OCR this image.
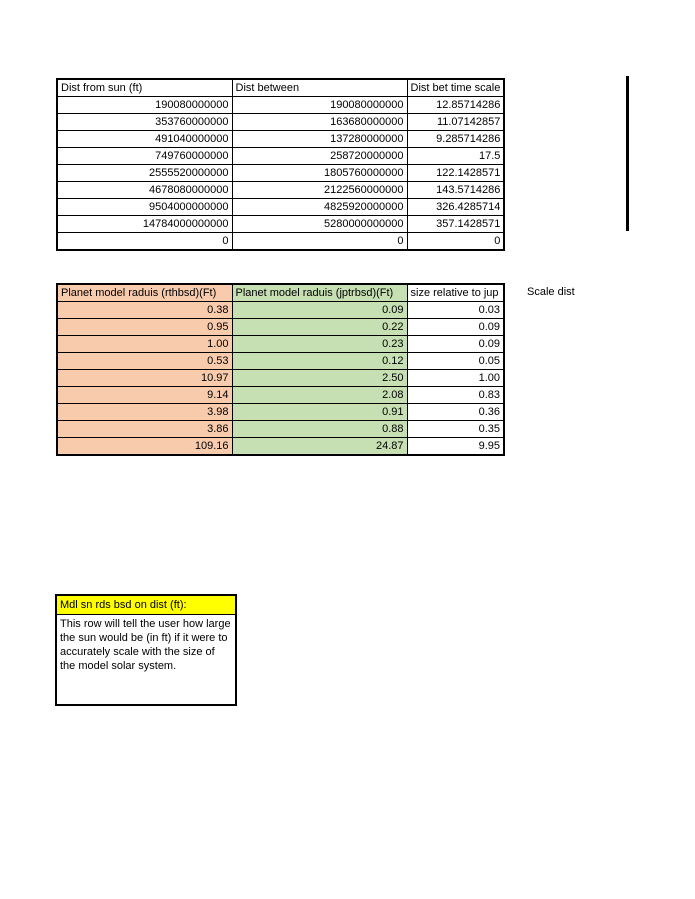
Dist from sun (ft)	Dist between	Dist bet time scale
190080000000	190080000000	12.85714286
353760000000	163680000000	11.07142857
491040000000	137280000000	9.285714286
749760000000	258720000000	17.5
2555520000000	1805760000000	122.1428571
4678080000000	2122560000000	143.5714286
9504000000000	4825920000000	326.4285714
14784000000000	5280000000000	357.1428571
0	0	0
Planet model raduis (rthbsd)(Ft)	Planet model raduis (jptrbsd)(Ft)	size relative to jup
0.38	0.09	0.03
0.95	0.22	0.09
1.00	0.23	0.09
0.53	0.12	0.05
10.97	2.50	1.00
9.14	2.08	0.83
3.98	0.91	0.36
3.86	0.88	0.35
109.16	24.87	9.95
Scale dist
Mdl sn rds bsd on dist (ft):
This row will tell the user how large the sun would be (in ft) if it were to accurately scale with the size of the model solar system.
